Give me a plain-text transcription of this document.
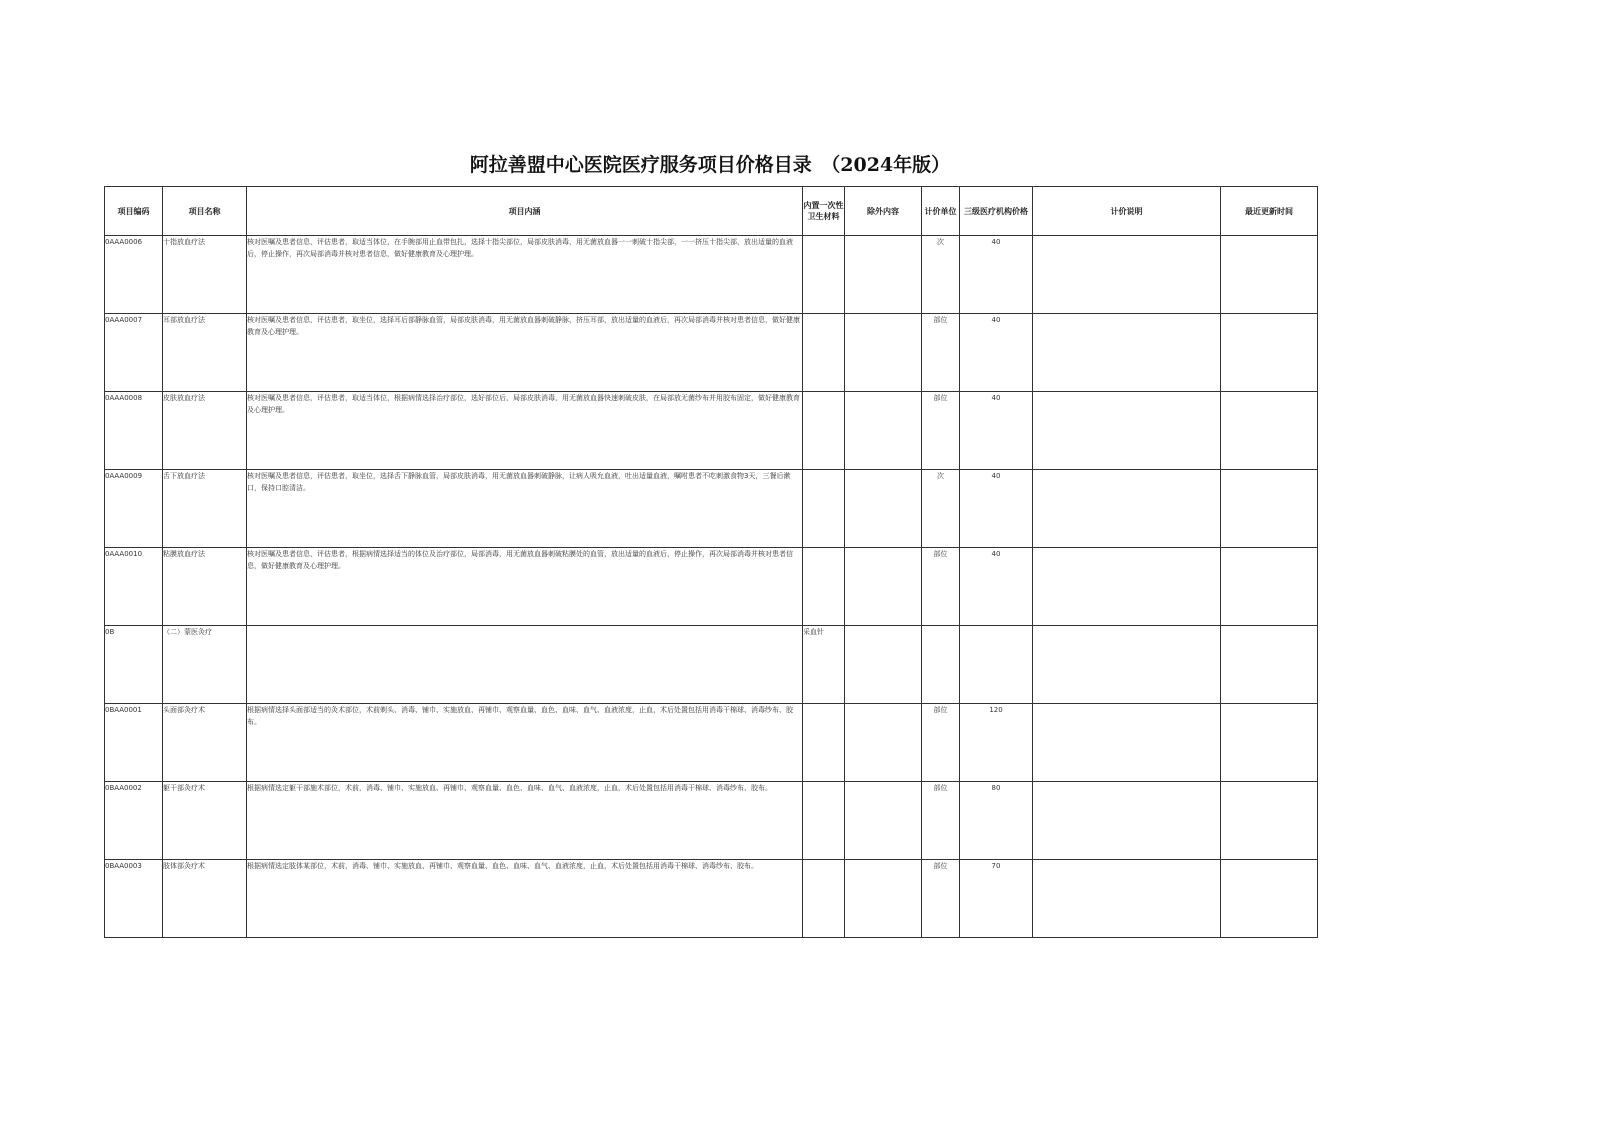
阿拉善盟中心医院医疗服务项目价格目录　（2024年版）
项目编码	项目名称	项目内涵	内置一次性卫生材料	除外内容	计价单位	三级医疗机构价格	计价说明	最近更新时间
0AAA0006	十指放血疗法	核对医嘱及患者信息，评估患者，取适当体位，在手腕部用止血带包扎，选择十指尖部位，局部皮肤消毒，用无菌放血器一一刺破十指尖部，一一挤压十指尖部，放出适量的血液后，停止操作，再次局部消毒并核对患者信息，做好健康教育及心理护理。			次	40		
0AAA0007	耳部放血疗法	核对医嘱及患者信息，评估患者，取坐位，选择耳后部静脉血管，局部皮肤消毒，用无菌放血器刺破静脉，挤压耳部，放出适量的血液后，再次局部消毒并核对患者信息，做好健康教育及心理护理。			部位	40		
0AAA0008	皮肤放血疗法	核对医嘱及患者信息，评估患者，取适当体位，根据病情选择治疗部位，选好部位后，局部皮肤消毒，用无菌放血器快速刺破皮肤，在局部放无菌纱布并用胶布固定，做好健康教育及心理护理。			部位	40		
0AAA0009	舌下放血疗法	核对医嘱及患者信息，评估患者，取坐位，选择舌下静脉血管，局部皮肤消毒，用无菌放血器刺破静脉，让病人吸允血液，吐出适量血液，嘱咐患者不吃刺激食物3天，三餐后漱口，保持口腔清洁。			次	40		
0AAA0010	粘膜放血疗法	核对医嘱及患者信息，评估患者，根据病情选择适当的体位及治疗部位，局部消毒，用无菌放血器刺破粘膜处的血管，放出适量的血液后，停止操作，再次局部消毒并核对患者信息，做好健康教育及心理护理。			部位	40		
0B	（二）蒙医灸疗		采血针					
0BAA0001	头面部灸疗术	根据病情选择头面部适当的灸术部位，术前剃头、消毒、铺巾、实施放血、再铺巾、观察血量、血色、血味、血气、血液浓度，止血，术后处置包括用消毒干棉球、消毒纱布、胶布。			部位	120		
0BAA0002	躯干部灸疗术	根据病情选定躯干部施术部位，术前，消毒、铺巾、实施放血、再铺巾、观察血量、血色、血味、血气、血液浓度，止血，术后处置包括用消毒干棉球、消毒纱布、胶布。			部位	80		
0BAA0003	肢体部灸疗术	根据病情选定肢体某部位，术前，消毒、铺巾、实施放血、再铺巾、观察血量、血色、血味、血气、血液浓度，止血，术后处置包括用消毒干棉球、消毒纱布、胶布。			部位	70		
